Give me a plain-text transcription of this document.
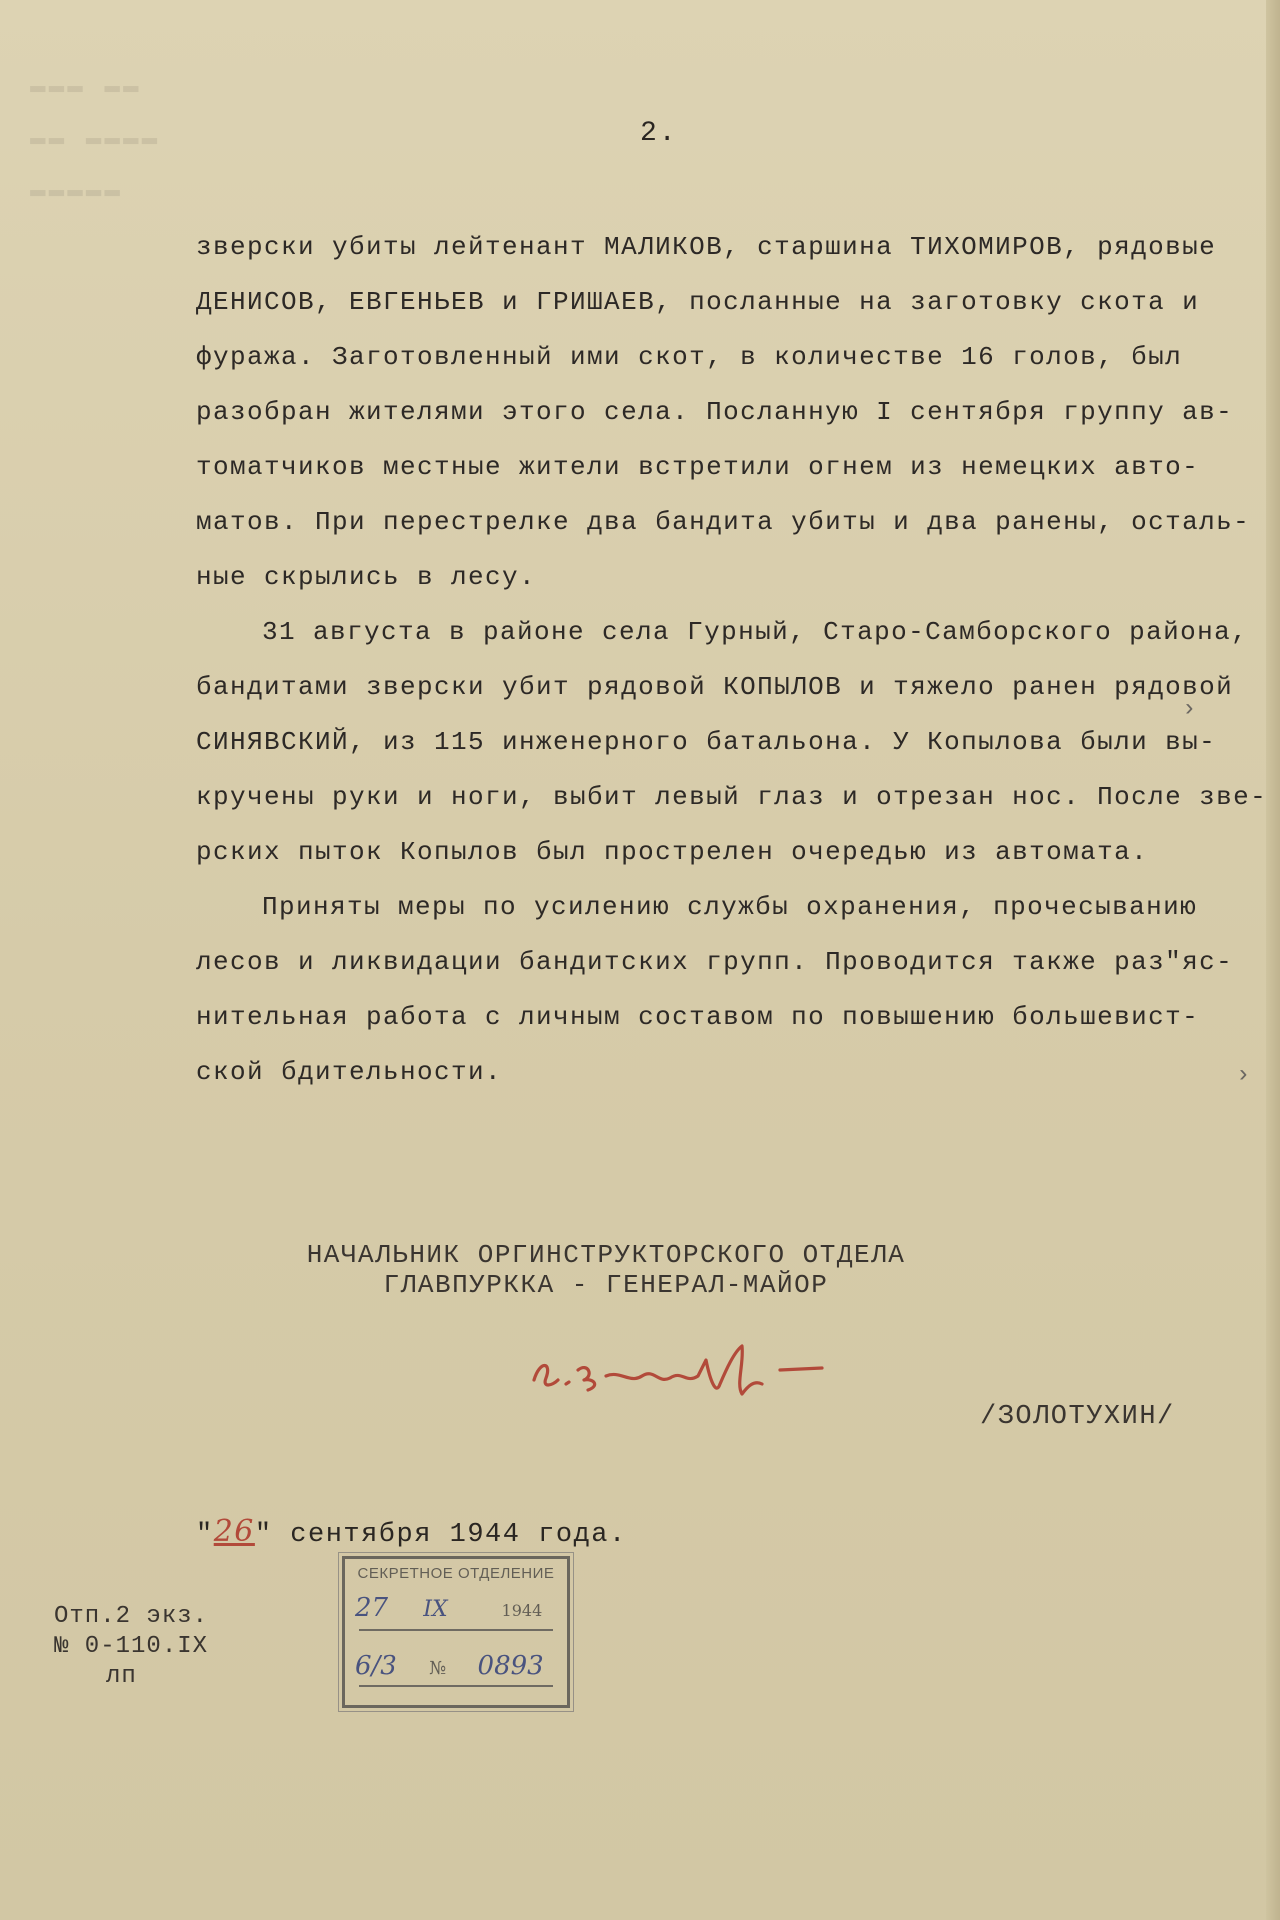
▬▬▬ ▬▬
▬▬ ▬▬▬▬
▬▬▬▬▬
2.
зверски убиты лейтенант МАЛИКОВ, старшина ТИХОМИРОВ, рядовые
ДЕНИСОВ, ЕВГЕНЬЕВ и ГРИШАЕВ, посланные на заготовку скота и
фуража. Заготовленный ими скот, в количестве 16 голов, был
разобран жителями этого села. Посланную I сентября группу ав-
томатчиков местные жители встретили огнем из немецких авто-
матов. При перестрелке два бандита убиты и два ранены, осталь-
ные скрылись в лесу.
31 августа в районе села Гурный, Старо-Самборского района,
бандитами зверски убит рядовой КОПЫЛОВ и тяжело ранен рядовой
СИНЯВСКИЙ, из 115 инженерного батальона. У Копылова были вы-
кручены руки и ноги, выбит левый глаз и отрезан нос. После зве-
рских пыток Копылов был прострелен очередью из автомата.
Приняты меры по усилению службы охранения, прочесыванию
лесов и ликвидации бандитских групп. Проводится также раз"яс-
нительная работа с личным составом по повышению большевист-
ской бдительности.
НАЧАЛЬНИК ОРГИНСТРУКТОРСКОГО ОТДЕЛА
ГЛАВПУРККА - ГЕНЕРАЛ-МАЙОР
/ЗОЛОТУХИН/
"26" сентября 1944 года.
Отп.2 экз.
№ 0-110.IX
лп
СЕКРЕТНОЕ ОТДЕЛЕНИЕ
27 IX	1944
6/3 № 0893
›
›
